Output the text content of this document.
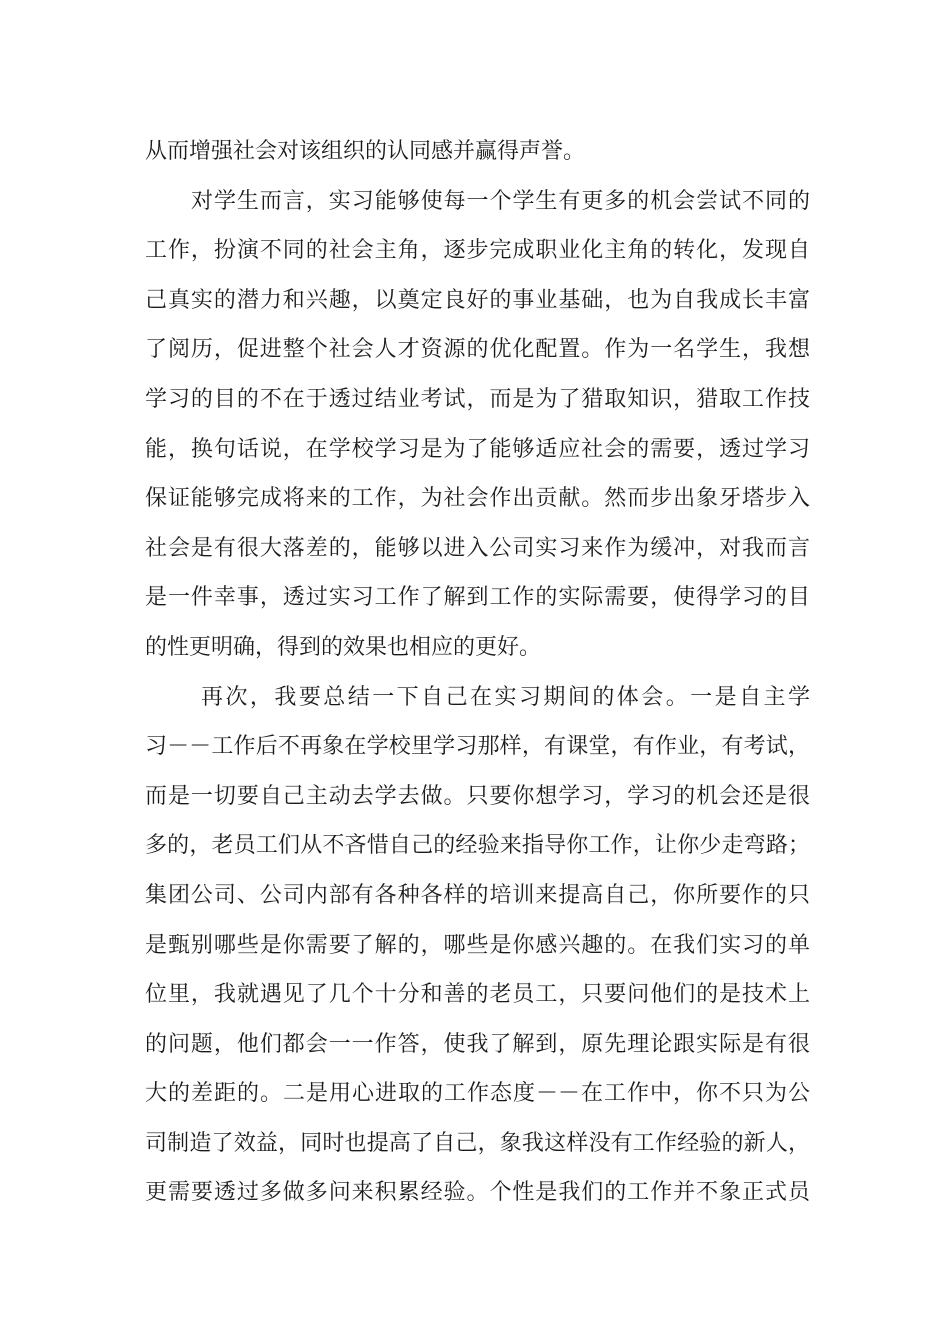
从而增强社会对该组织的认同感并赢得声誉。
对学生而言，实习能够使每一个学生有更多的机会尝试不同的
工作，扮演不同的社会主角，逐步完成职业化主角的转化，发现自
己真实的潜力和兴趣，以奠定良好的事业基础，也为自我成长丰富
了阅历，促进整个社会人才资源的优化配置。作为一名学生，我想
学习的目的不在于透过结业考试，而是为了猎取知识，猎取工作技
能，换句话说，在学校学习是为了能够适应社会的需要，透过学习
保证能够完成将来的工作，为社会作出贡献。然而步出象牙塔步入
社会是有很大落差的，能够以进入公司实习来作为缓冲，对我而言
是一件幸事，透过实习工作了解到工作的实际需要，使得学习的目
的性更明确，得到的效果也相应的更好。
再次，我要总结一下自己在实习期间的体会。一是自主学
习－－工作后不再象在学校里学习那样，有课堂，有作业，有考试，
而是一切要自己主动去学去做。只要你想学习，学习的机会还是很
多的，老员工们从不吝惜自己的经验来指导你工作，让你少走弯路；
集团公司、公司内部有各种各样的培训来提高自己，你所要作的只
是甄别哪些是你需要了解的，哪些是你感兴趣的。在我们实习的单
位里，我就遇见了几个十分和善的老员工，只要问他们的是技术上
的问题，他们都会一一作答，使我了解到，原先理论跟实际是有很
大的差距的。二是用心进取的工作态度－－在工作中，你不只为公
司制造了效益，同时也提高了自己，象我这样没有工作经验的新人，
更需要透过多做多问来积累经验。个性是我们的工作并不象正式员
